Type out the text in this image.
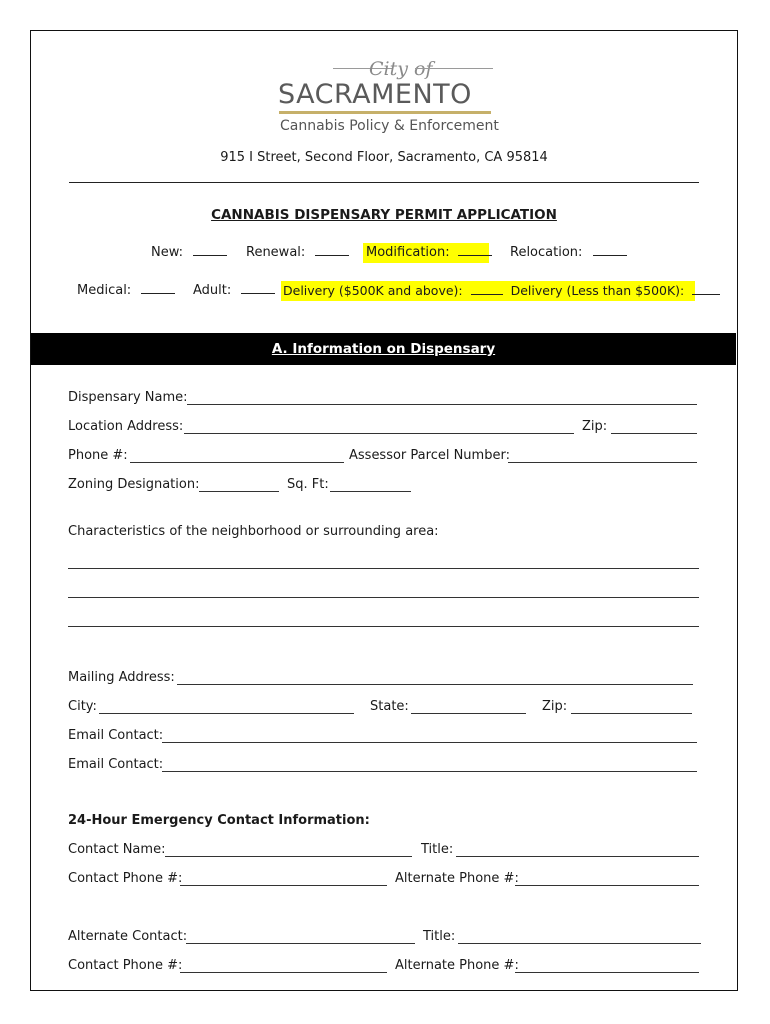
City of
SACRAMENTO
Cannabis Policy & Enforcement
915 I Street, Second Floor, Sacramento, CA 95814
CANNABIS DISPENSARY PERMIT APPLICATION
New:	Renewal:	Modification:	Relocation:
Medical:	Adult:	Delivery ($500K and above):	Delivery (Less than $500K):
A. Information on Dispensary
Dispensary Name:
Location Address:	Zip:
Phone #:	Assessor Parcel Number:
Zoning Designation:	Sq. Ft:
Characteristics of the neighborhood or surrounding area:
Mailing Address:
City:	State:	Zip:
Email Contact:
Email Contact:
24-Hour Emergency Contact Information:
Contact Name:	Title:
Contact Phone #:	Alternate Phone #:
Alternate Contact:	Title:
Contact Phone #:	Alternate Phone #:
